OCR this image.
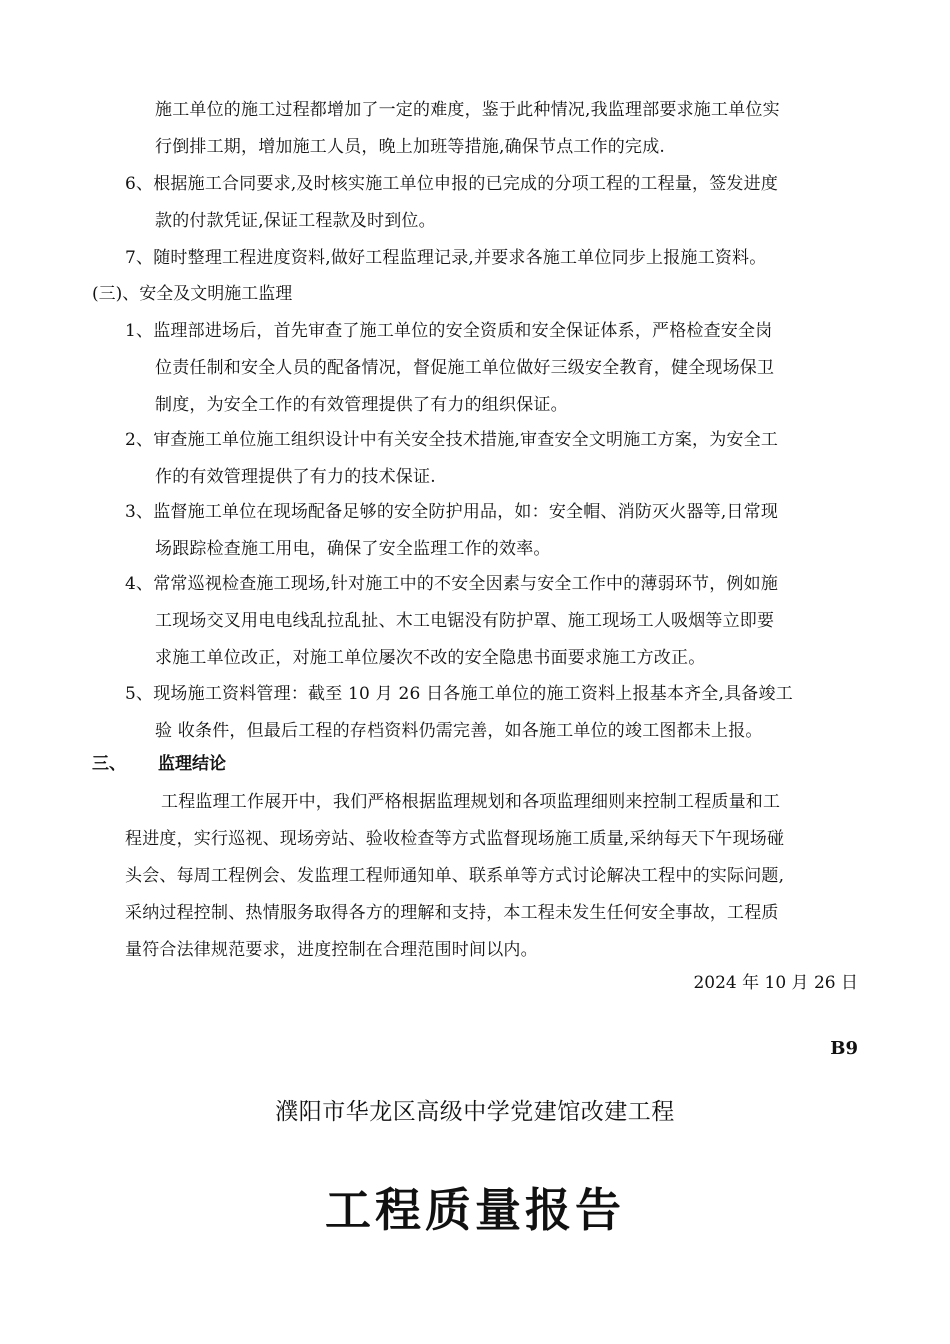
施工单位的施工过程都增加了一定的难度，鉴于此种情况,我监理部要求施工单位实
行倒排工期，增加施工人员，晚上加班等措施,确保节点工作的完成.
6、根据施工合同要求,及时核实施工单位申报的已完成的分项工程的工程量，签发进度
款的付款凭证,保证工程款及时到位。
7、随时整理工程进度资料,做好工程监理记录,并要求各施工单位同步上报施工资料。
(三)、安全及文明施工监理
1、监理部进场后，首先审查了施工单位的安全资质和安全保证体系，严格检查安全岗
位责任制和安全人员的配备情况，督促施工单位做好三级安全教育，健全现场保卫
制度，为安全工作的有效管理提供了有力的组织保证。
2、审查施工单位施工组织设计中有关安全技术措施,审查安全文明施工方案，为安全工
作的有效管理提供了有力的技术保证.
3、监督施工单位在现场配备足够的安全防护用品，如：安全帽、消防灭火器等,日常现
场跟踪检查施工用电，确保了安全监理工作的效率。
4、常常巡视检查施工现场,针对施工中的不安全因素与安全工作中的薄弱环节，例如施
工现场交叉用电电线乱拉乱扯、木工电锯没有防护罩、施工现场工人吸烟等立即要
求施工单位改正，对施工单位屡次不改的安全隐患书面要求施工方改正。
5、现场施工资料管理：截至 10 月 26 日各施工单位的施工资料上报基本齐全,具备竣工
验 收条件，但最后工程的存档资料仍需完善，如各施工单位的竣工图都未上报。
三、 监理结论
工程监理工作展开中，我们严格根据监理规划和各项监理细则来控制工程质量和工
程进度，实行巡视、现场旁站、验收检查等方式监督现场施工质量,采纳每天下午现场碰
头会、每周工程例会、发监理工程师通知单、联系单等方式讨论解决工程中的实际问题,
采纳过程控制、热情服务取得各方的理解和支持，本工程未发生任何安全事故，工程质
量符合法律规范要求，进度控制在合理范围时间以内。
2024 年 10 月 26 日
B9
濮阳市华龙区高级中学党建馆改建工程
工程质量报告
